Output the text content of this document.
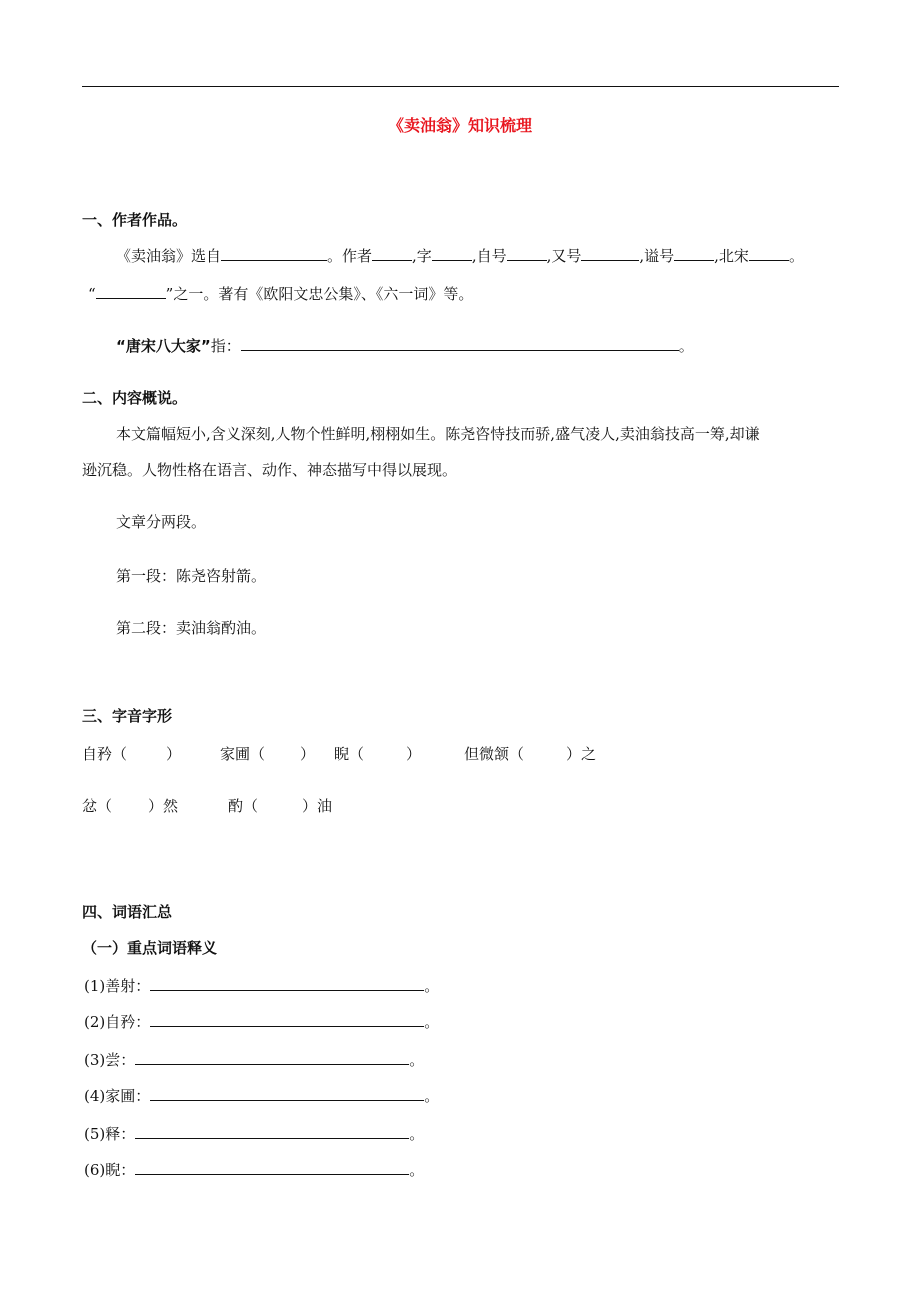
《卖油翁》知识梳理
一、作者作品。
《卖油翁》选自	。作者	,字	,自号	,又号	,谥号	,北宋	。
“	”之一。著有《欧阳文忠公集》、《六一词》等。
“唐宋八大家” 指：	。
二、内容概说。
本文篇幅短小,含义深刻,人物个性鲜明,栩栩如生。陈尧咨恃技而骄,盛气凌人,卖油翁技高一筹,却谦
逊沉稳。人物性格在语言、动作、神态描写中得以展现。
文章分两段。
第一段：陈尧咨射箭。
第二段：卖油翁酌油。
三、字音字形
自矜（	）	家圃（ ） 睨（	）	但微颔（	）之
忿（ ）然	酌（	）油
四、词语汇总
（一）重点词语释义
(1)善射：	。
(2)自矜：	。
(3)尝：	。
(4)家圃：	。
(5)释：	。
(6)睨：	。
